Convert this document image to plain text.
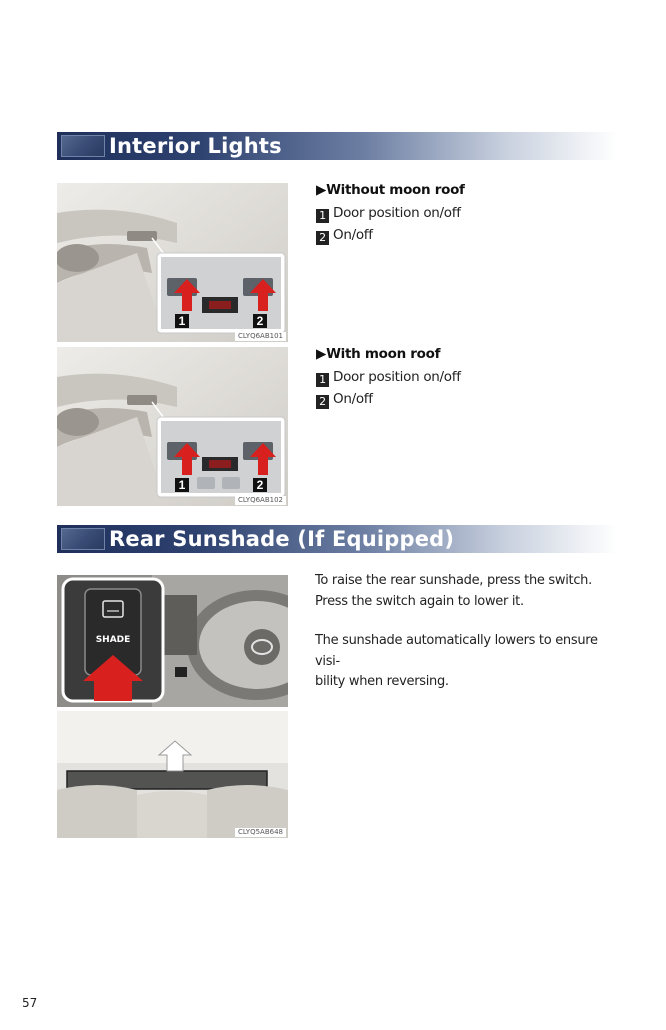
Interior Lights
1	2
CLYQ6AB101
▶Without moon roof
1 Door position on/off
2 On/off
1	2
CLYQ6AB102
▶With moon roof
1 Door position on/off
2 On/off
Rear Sunshade (If Equipped)
SHADE
CLYQ5AB648
To raise the rear sunshade, press the switch.
Press the switch again to lower it.
The sunshade automatically lowers to ensure visi-
bility when reversing.
57
